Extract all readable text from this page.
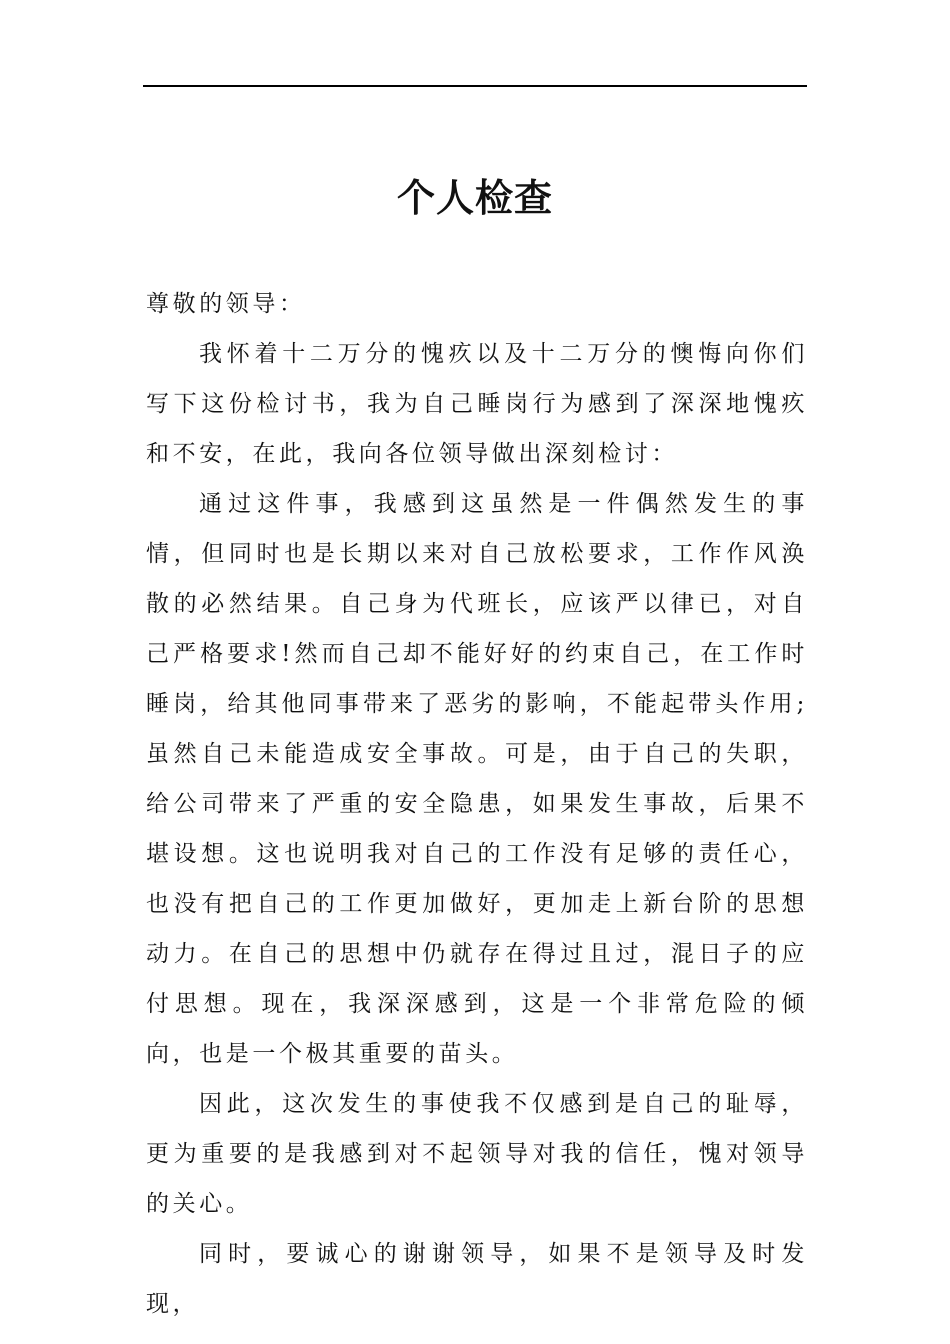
个人检查

尊敬的领导：

我怀着十二万分的愧疚以及十二万分的懊悔向你们写下这份检讨书，我为自己睡岗行为感到了深深地愧疚和不安，在此，我向各位领导做出深刻检讨：

通过这件事，我感到这虽然是一件偶然发生的事情，但同时也是长期以来对自己放松要求，工作作风涣散的必然结果。自己身为代班长，应该严以律已，对自己严格要求!然而自己却不能好好的约束自己，在工作时睡岗，给其他同事带来了恶劣的影响，不能起带头作用;虽然自己未能造成安全事故。可是，由于自己的失职，给公司带来了严重的安全隐患，如果发生事故，后果不堪设想。这也说明我对自己的工作没有足够的责任心，也没有把自己的工作更加做好，更加走上新台阶的思想动力。在自己的思想中仍就存在得过且过，混日子的应付思想。现在，我深深感到，这是一个非常危险的倾向，也是一个极其重要的苗头。

因此，这次发生的事使我不仅感到是自己的耻辱，更为重要的是我感到对不起领导对我的信任，愧对领导的关心。

同时，要诚心的谢谢领导，如果不是领导及时发现，
